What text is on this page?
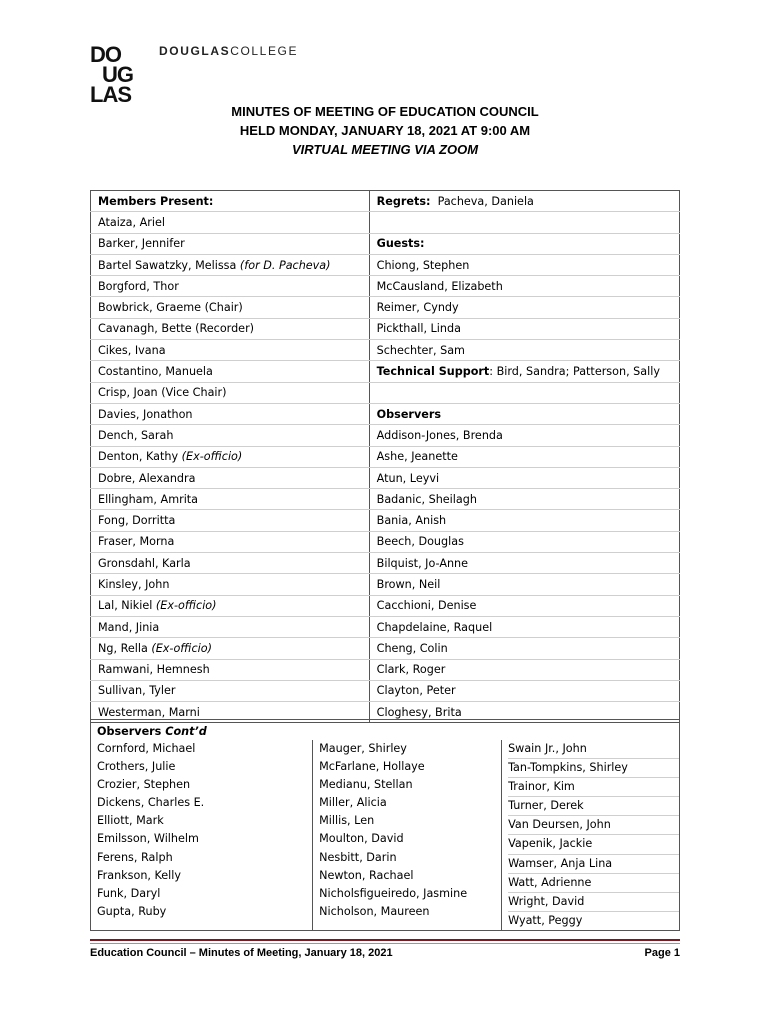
DO
UG
LAS
DOUGLASCOLLEGE
MINUTES OF MEETING OF EDUCATION COUNCIL
HELD MONDAY, JANUARY 18, 2021 AT 9:00 AM
VIRTUAL MEETING VIA ZOOM
Members Present:	Regrets: Pacheva, Daniela
Ataiza, Ariel	
Barker, Jennifer	Guests:
Bartel Sawatzky, Melissa (for D. Pacheva)	Chiong, Stephen
Borgford, Thor	McCausland, Elizabeth
Bowbrick, Graeme (Chair)	Reimer, Cyndy
Cavanagh, Bette (Recorder)	Pickthall, Linda
Cikes, Ivana	Schechter, Sam
Costantino, Manuela	Technical Support: Bird, Sandra; Patterson, Sally
Crisp, Joan (Vice Chair)	
Davies, Jonathon	Observers
Dench, Sarah	Addison-Jones, Brenda
Denton, Kathy (Ex-officio)	Ashe, Jeanette
Dobre, Alexandra	Atun, Leyvi
Ellingham, Amrita	Badanic, Sheilagh
Fong, Dorritta	Bania, Anish
Fraser, Morna	Beech, Douglas
Gronsdahl, Karla	Bilquist, Jo-Anne
Kinsley, John	Brown, Neil
Lal, Nikiel (Ex-officio)	Cacchioni, Denise
Mand, Jinia	Chapdelaine, Raquel
Ng, Rella (Ex-officio)	Cheng, Colin
Ramwani, Hemnesh	Clark, Roger
Sullivan, Tyler	Clayton, Peter
Westerman, Marni	Cloghesy, Brita
Observers Cont’d

Cornford, Michael
Crothers, Julie
Crozier, Stephen
Dickens, Charles E.
Elliott, Mark
Emilsson, Wilhelm
Ferens, Ralph
Frankson, Kelly
Funk, Daryl
Gupta, Ruby

Mauger, Shirley
McFarlane, Hollaye
Medianu, Stellan
Miller, Alicia
Millis, Len
Moulton, David
Nesbitt, Darin
Newton, Rachael
Nicholsfigueiredo, Jasmine
Nicholson, Maureen

Swain Jr., John
Tan-Tompkins, Shirley
Trainor, Kim
Turner, Derek
Van Deursen, John
Vapenik, Jackie
Wamser, Anja Lina
Watt, Adrienne
Wright, David
Wyatt, Peggy
Education Council – Minutes of Meeting, January 18, 2021	Page 1
